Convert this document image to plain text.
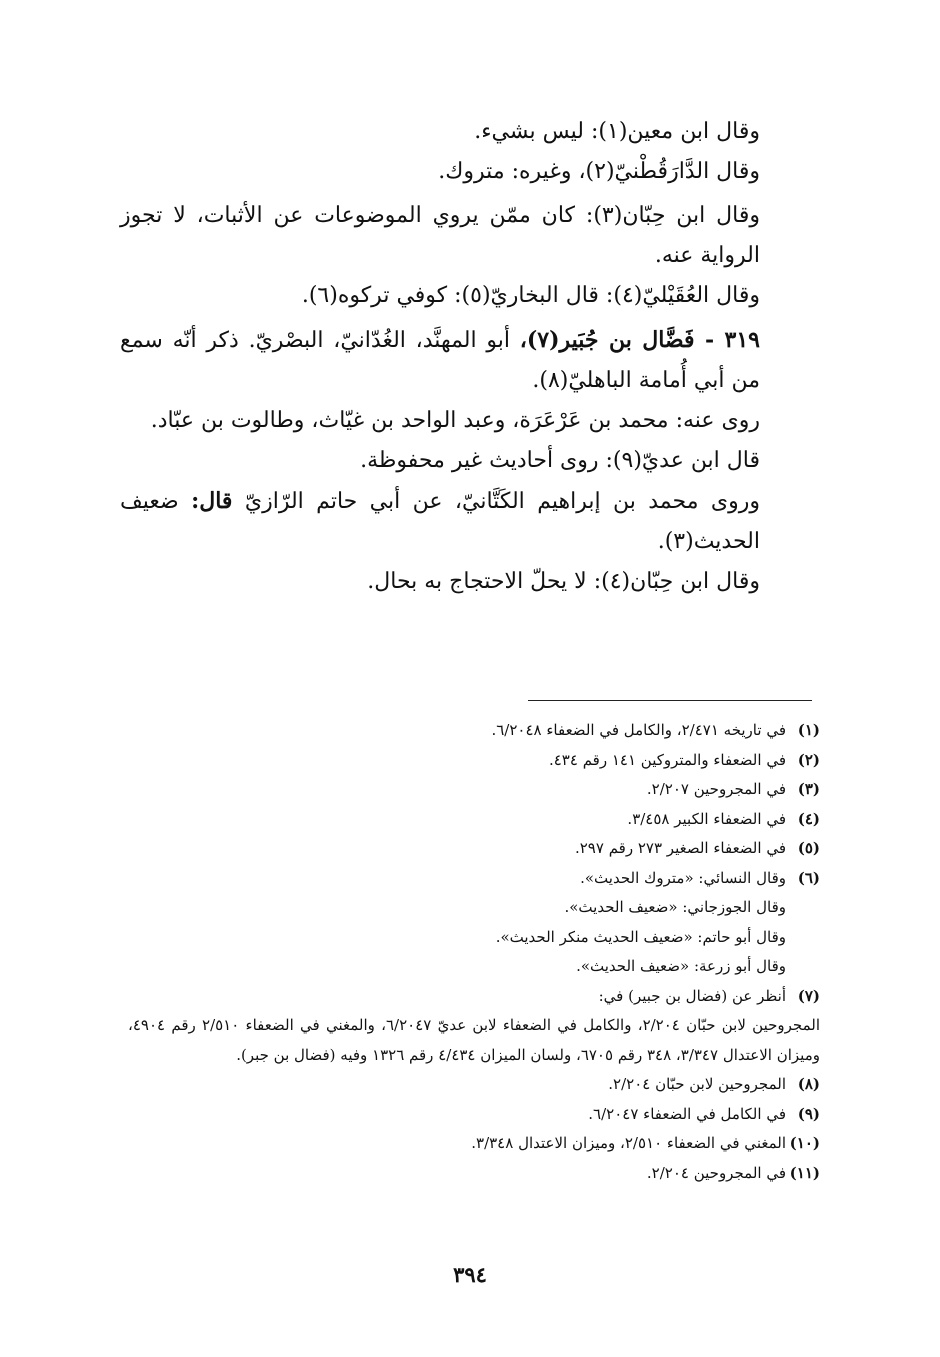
وقال ابن معين(١): ليس بشيء.

وقال الدَّارَقُطْنيّ(٢)، وغيره: متروك.

وقال ابن حِبّان(٣): كان ممّن يروي الموضوعات عن الأثبات، لا تجوز الرواية عنه.

وقال العُقَيْليّ(٤): قال البخاريّ(٥): كوفي تركوه(٦).

٣١٩ - فَضَّال بن جُبَير(٧)، أبو المهنَّد، الغُدّانيّ، البصْريّ. ذكر أنّه سمع من أبي أُمامة الباهليّ(٨).

روى عنه: محمد بن عَرْعَرَة، وعبد الواحد بن غيّاث، وطالوت بن عبّاد.

قال ابن عديّ(٩): روى أحاديث غير محفوظة.

وروى محمد بن إبراهيم الكَتَّانيّ، عن أبي حاتم الرّازيّ قال: ضعيف الحديث(٣).

وقال ابن حِبّان(٤): لا يحلّ الاحتجاج به بحال.

(١)
في تاريخه ٢/٤٧١، والكامل في الضعفاء ٦/٢٠٤٨.
(٢)
في الضعفاء والمتروكين ١٤١ رقم ٤٣٤.
(٣)
في المجروحين ٢/٢٠٧.
(٤)
في الضعفاء الكبير ٣/٤٥٨.
(٥)
في الضعفاء الصغير ٢٧٣ رقم ٢٩٧.
(٦)
وقال النسائي: «متروك الحديث».
وقال الجوزجاني: «ضعيف الحديث».
وقال أبو حاتم: «ضعيف الحديث منكر الحديث».
وقال أبو زرعة: «ضعيف الحديث».
(٧)
أنظر عن (فضال بن جبير) في:
المجروحين لابن حبّان ٢/٢٠٤، والكامل في الضعفاء لابن عديّ ٦/٢٠٤٧، والمغني في الضعفاء ٢/٥١٠ رقم ٤٩٠٤، وميزان الاعتدال ٣/٣٤٧، ٣٤٨ رقم ٦٧٠٥، ولسان الميزان ٤/٤٣٤ رقم ١٣٢٦ وفيه (فضال بن جبر).
(٨)
المجروحين لابن حبّان ٢/٢٠٤.
(٩)
في الكامل في الضعفاء ٦/٢٠٤٧.
(١٠)
المغني في الضعفاء ٢/٥١٠، وميزان الاعتدال ٣/٣٤٨.
(١١)
في المجروحين ٢/٢٠٤.
٣٩٤
